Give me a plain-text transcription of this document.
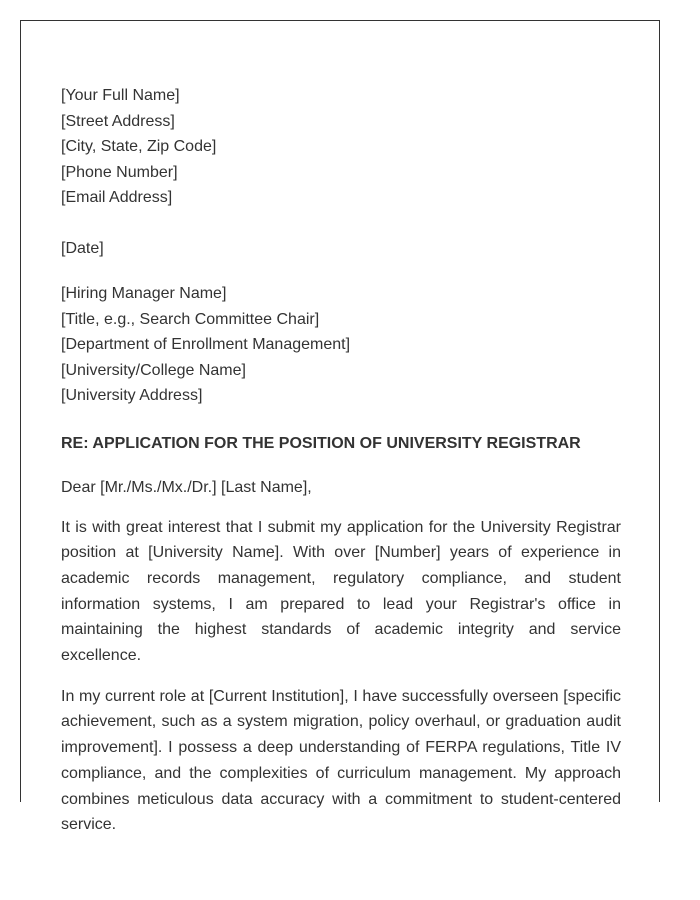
[Your Full Name]
[Street Address]
[City, State, Zip Code]
[Phone Number]
[Email Address]
[Date]
[Hiring Manager Name]
[Title, e.g., Search Committee Chair]
[Department of Enrollment Management]
[University/College Name]
[University Address]
RE: APPLICATION FOR THE POSITION OF UNIVERSITY REGISTRAR
Dear [Mr./Ms./Mx./Dr.] [Last Name],
It is with great interest that I submit my application for the University Registrar position at [University Name]. With over [Number] years of experience in academic records management, regulatory compliance, and student information systems, I am prepared to lead your Registrar's office in maintaining the highest standards of academic integrity and service excellence.
In my current role at [Current Institution], I have successfully overseen [specific achievement, such as a system migration, policy overhaul, or graduation audit improvement]. I possess a deep understanding of FERPA regulations, Title IV compliance, and the complexities of curriculum management. My approach combines meticulous data accuracy with a commitment to student-centered service.
